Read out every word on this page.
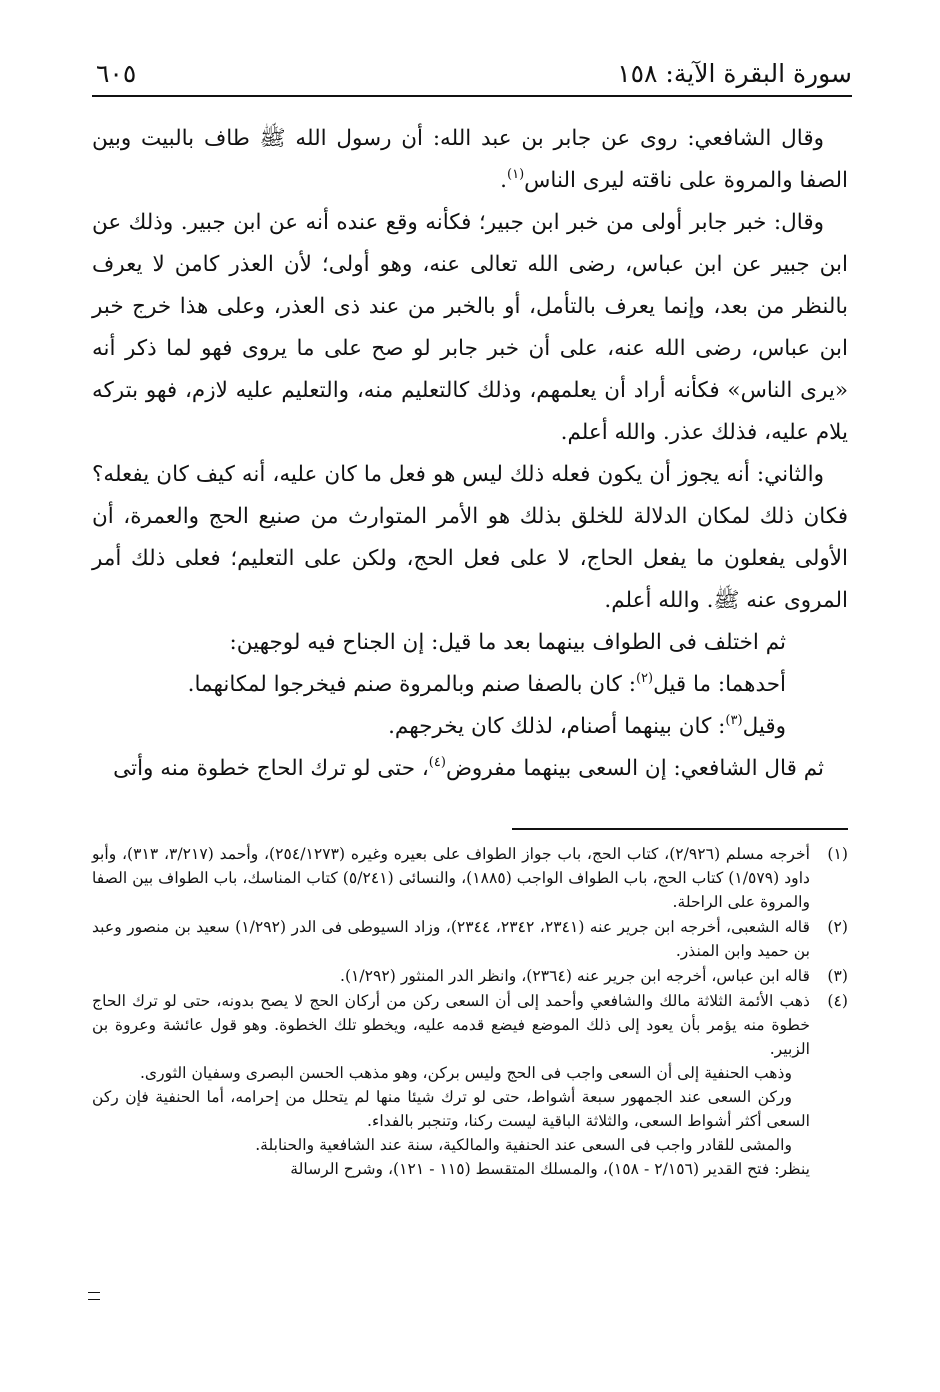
سورة البقرة الآية: ١٥٨
٦٠٥

وقال الشافعي: روى عن جابر بن عبد الله: أن رسول الله ﷺ طاف بالبيت وبين الصفا والمروة على ناقته ليرى الناس$^{(١)}$.

وقال: خبر جابر أولى من خبر ابن جبير؛ فكأنه وقع عنده أنه عن ابن جبير. وذلك عن ابن جبير عن ابن عباس، رضى الله تعالى عنه، وهو أولى؛ لأن العذر كامن لا يعرف بالنظر من بعد، وإنما يعرف بالتأمل، أو بالخبر من عند ذى العذر، وعلى هذا خرج خبر ابن عباس، رضى الله عنه، على أن خبر جابر لو صح على ما يروى فهو لما ذكر أنه «يرى الناس» فكأنه أراد أن يعلمهم، وذلك كالتعليم منه، والتعليم عليه لازم، فهو بتركه يلام عليه، فذلك عذر. والله أعلم.

والثاني: أنه يجوز أن يكون فعله ذلك ليس هو فعل ما كان عليه، أنه كيف كان يفعله؟ فكان ذلك لمكان الدلالة للخلق بذلك هو الأمر المتوارث من صنيع الحج والعمرة، أن الأولى يفعلون ما يفعل الحاج، لا على فعل الحج، ولكن على التعليم؛ فعلى ذلك أمر المروى عنه ﷺ. والله أعلم.

ثم اختلف فى الطواف بينهما بعد ما قيل: إن الجناح فيه لوجهين:

أحدهما: ما قيل$^{(٢)}$: كان بالصفا صنم وبالمروة صنم فيخرجوا لمكانهما.

وقيل$^{(٣)}$: كان بينهما أصنام، لذلك كان يخرجهم.

ثم قال الشافعي: إن السعى بينهما مفروض$^{(٤)}$، حتى لو ترك الحاج خطوة منه وأتى

(١)

أخرجه مسلم (٢/٩٢٦)، كتاب الحج، باب جواز الطواف على بعيره وغيره (٢٥٤/١٢٧٣)، وأحمد (٣/٢١٧، ٣١٣)، وأبو داود (١/٥٧٩) كتاب الحج، باب الطواف الواجب (١٨٨٥)، والنسائى (٥/٢٤١) كتاب المناسك، باب الطواف بين الصفا والمروة على الراحلة.

(٢)

قاله الشعبى، أخرجه ابن جرير عنه (٢٣٤١، ٢٣٤٢، ٢٣٤٤)، وزاد السيوطى فى الدر (١/٢٩٢) سعيد بن منصور وعبد بن حميد وابن المنذر.

(٣)

قاله ابن عباس، أخرجه ابن جرير عنه (٢٣٦٤)، وانظر الدر المنثور (١/٢٩٢).

(٤)

ذهب الأئمة الثلاثة مالك والشافعي وأحمد إلى أن السعى ركن من أركان الحج لا يصح بدونه، حتى لو ترك الحاج خطوة منه يؤمر بأن يعود إلى ذلك الموضع فيضع قدمه عليه، ويخطو تلك الخطوة. وهو قول عائشة وعروة بن الزبير.

وذهب الحنفية إلى أن السعى واجب فى الحج وليس بركن، وهو مذهب الحسن البصرى وسفيان الثورى.

وركن السعى عند الجمهور سبعة أشواط، حتى لو ترك شيئا منها لم يتحلل من إحرامه، أما الحنفية فإن ركن السعى أكثر أشواط السعى، والثلاثة الباقية ليست ركنا، وتنجبر بالفداء.

والمشى للقادر واجب فى السعى عند الحنفية والمالكية، سنة عند الشافعية والحنابلة.

ينظر: فتح القدير (٢/١٥٦ - ١٥٨)، والمسلك المتقسط (١١٥ - ١٢١)، وشرح الرسالة
